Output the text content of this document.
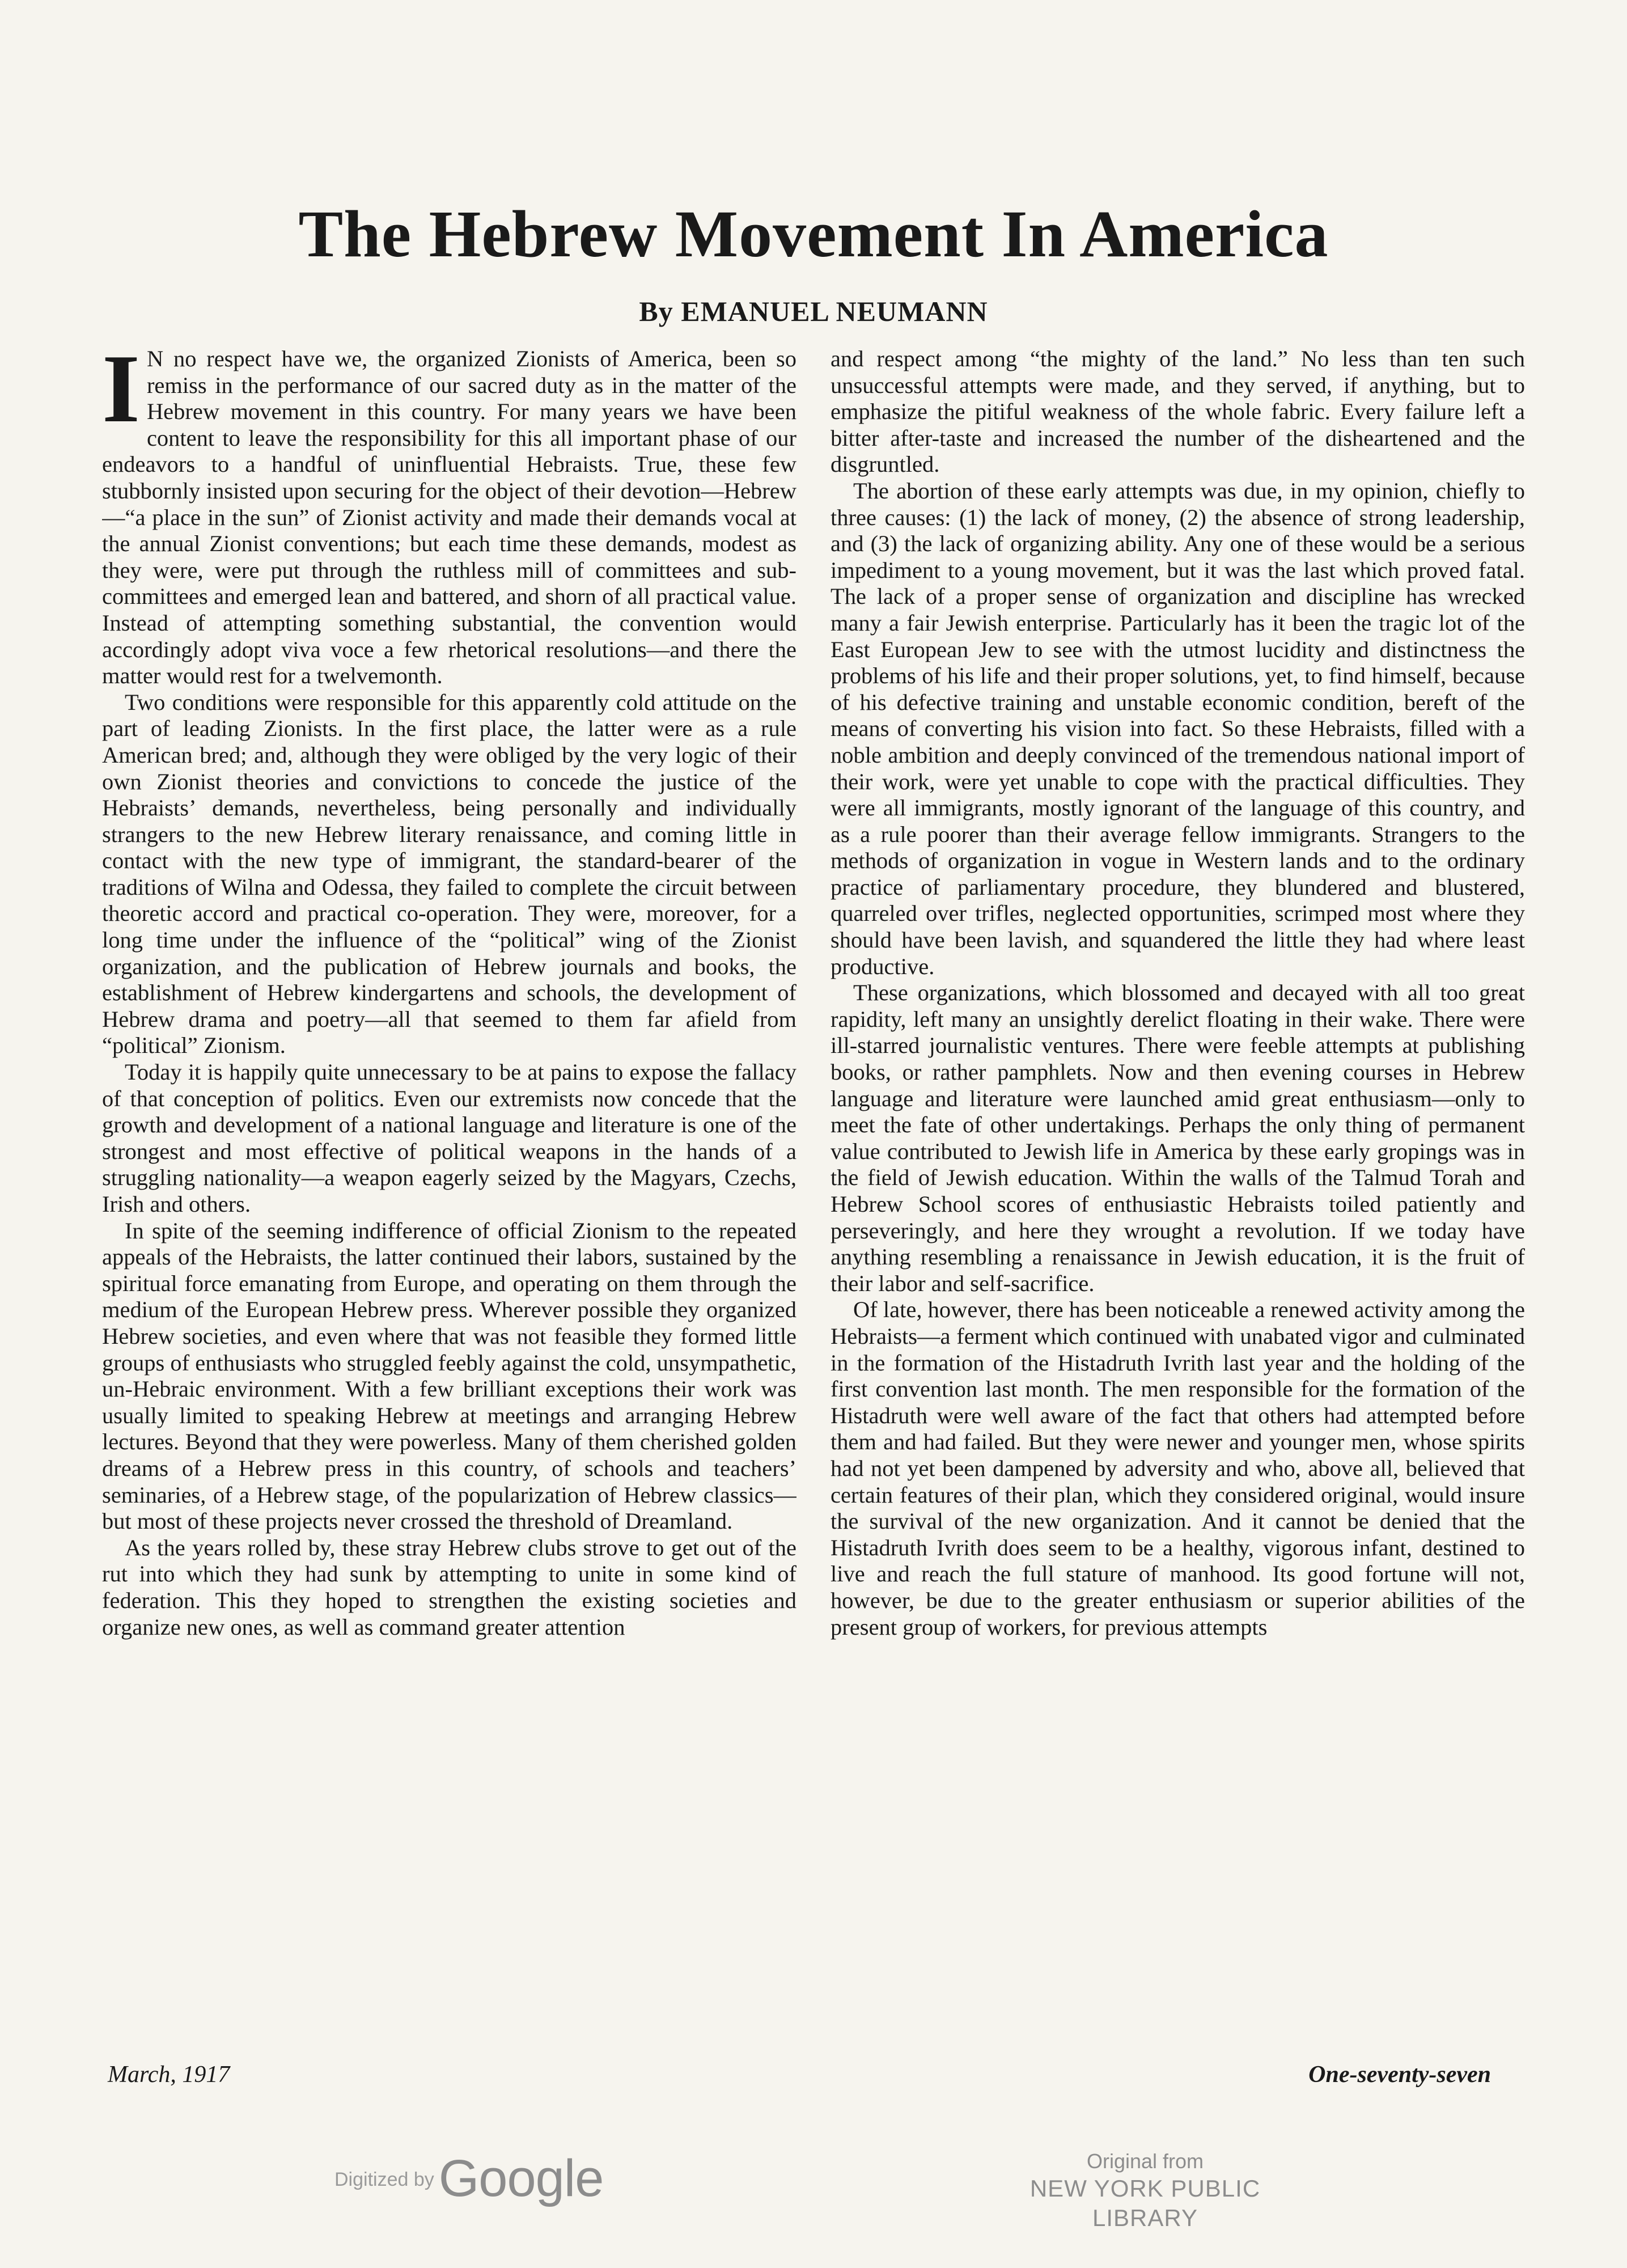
The Hebrew Movement In America
By EMANUEL NEUMANN

I N no respect have we, the organized Zionists of America, been so remiss in the performance of our sacred duty as in the matter of the Hebrew movement in this country. For many years we have been content to leave the responsibility for this all important phase of our endeavors to a handful of uninfluential Hebraists. True, these few stubbornly insisted upon securing for the object of their devotion—Hebrew—“a place in the sun” of Zionist activity and made their demands vocal at the annual Zionist conventions; but each time these demands, modest as they were, were put through the ruthless mill of committees and sub-committees and emerged lean and battered, and shorn of all practical value. Instead of attempting something substantial, the convention would accordingly adopt viva voce a few rhetorical resolutions—and there the matter would rest for a twelvemonth.

Two conditions were responsible for this apparently cold attitude on the part of leading Zionists. In the first place, the latter were as a rule American bred; and, although they were obliged by the very logic of their own Zionist theories and convictions to concede the justice of the Hebraists’ demands, nevertheless, being personally and individually strangers to the new Hebrew literary renaissance, and coming little in contact with the new type of immigrant, the standard-bearer of the traditions of Wilna and Odessa, they failed to complete the circuit between theoretic accord and practical co-operation. They were, moreover, for a long time under the influence of the “political” wing of the Zionist organization, and the publication of Hebrew journals and books, the establishment of Hebrew kindergartens and schools, the development of Hebrew drama and poetry—all that seemed to them far afield from “political” Zionism.

Today it is happily quite unnecessary to be at pains to expose the fallacy of that conception of politics. Even our extremists now concede that the growth and development of a national language and literature is one of the strongest and most effective of political weapons in the hands of a struggling nationality—a weapon eagerly seized by the Magyars, Czechs, Irish and others.

In spite of the seeming indifference of official Zionism to the repeated appeals of the Hebraists, the latter continued their labors, sustained by the spiritual force emanating from Europe, and operating on them through the medium of the European Hebrew press. Wherever possible they organized Hebrew societies, and even where that was not feasible they formed little groups of enthusiasts who struggled feebly against the cold, unsympathetic, un-Hebraic environment. With a few brilliant exceptions their work was usually limited to speaking Hebrew at meetings and arranging Hebrew lectures. Beyond that they were powerless. Many of them cherished golden dreams of a Hebrew press in this country, of schools and teachers’ seminaries, of a Hebrew stage, of the popularization of Hebrew classics—but most of these projects never crossed the threshold of Dreamland.

As the years rolled by, these stray Hebrew clubs strove to get out of the rut into which they had sunk by attempting to unite in some kind of federation. This they hoped to strengthen the existing societies and organize new ones, as well as command greater attention

and respect among “the mighty of the land.” No less than ten such unsuccessful attempts were made, and they served, if anything, but to emphasize the pitiful weakness of the whole fabric. Every failure left a bitter after-taste and increased the number of the disheartened and the disgruntled.

The abortion of these early attempts was due, in my opinion, chiefly to three causes: (1) the lack of money, (2) the absence of strong leadership, and (3) the lack of organizing ability. Any one of these would be a serious impediment to a young movement, but it was the last which proved fatal. The lack of a proper sense of organization and discipline has wrecked many a fair Jewish enterprise. Particularly has it been the tragic lot of the East European Jew to see with the utmost lucidity and distinctness the problems of his life and their proper solutions, yet, to find himself, because of his defective training and unstable economic condition, bereft of the means of converting his vision into fact. So these Hebraists, filled with a noble ambition and deeply convinced of the tremendous national import of their work, were yet unable to cope with the practical difficulties. They were all immigrants, mostly ignorant of the language of this country, and as a rule poorer than their average fellow immigrants. Strangers to the methods of organization in vogue in Western lands and to the ordinary practice of parliamentary procedure, they blundered and blustered, quarreled over trifles, neglected opportunities, scrimped most where they should have been lavish, and squandered the little they had where least productive.

These organizations, which blossomed and decayed with all too great rapidity, left many an unsightly derelict floating in their wake. There were ill-starred journalistic ventures. There were feeble attempts at publishing books, or rather pamphlets. Now and then evening courses in Hebrew language and literature were launched amid great enthusiasm—only to meet the fate of other undertakings. Perhaps the only thing of permanent value contributed to Jewish life in America by these early gropings was in the field of Jewish education. Within the walls of the Talmud Torah and Hebrew School scores of enthusiastic Hebraists toiled patiently and perseveringly, and here they wrought a revolution. If we today have anything resembling a renaissance in Jewish education, it is the fruit of their labor and self-sacrifice.

Of late, however, there has been noticeable a renewed activity among the Hebraists—a ferment which continued with unabated vigor and culminated in the formation of the Histadruth Ivrith last year and the holding of the first convention last month. The men responsible for the formation of the Histadruth were well aware of the fact that others had attempted before them and had failed. But they were newer and younger men, whose spirits had not yet been dampened by adversity and who, above all, believed that certain features of their plan, which they considered original, would insure the survival of the new organization. And it cannot be denied that the Histadruth Ivrith does seem to be a healthy, vigorous infant, destined to live and reach the full stature of manhood. Its good fortune will not, however, be due to the greater enthusiasm or superior abilities of the present group of workers, for previous attempts

March, 1917	One-seventy-seven
Digitized byGoogle	Original from
NEW YORK PUBLIC LIBRARY
